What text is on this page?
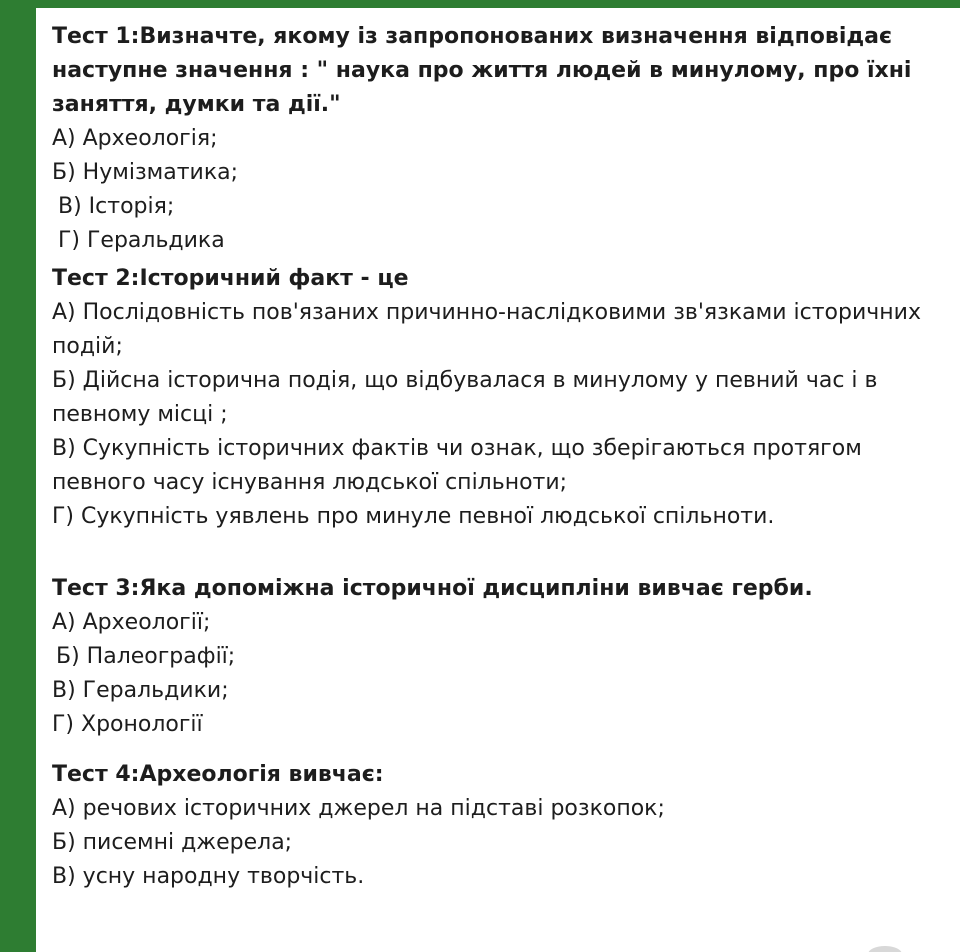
Тест 1:Визначте, якому із запропонованих визначення відповідає наступне значення : " наука про життя людей в минулому, про їхні заняття, думки та дії."

А) Археологія;

Б) Нумізматика;

В) Історія;

Г) Геральдика

Тест 2:Історичний факт - це

А) Послідовність пов'язаних причинно-наслідковими зв'язками історичних подій;

Б) Дійсна історична подія, що відбувалася в минулому у певний час і в певному місці ;

В) Сукупність історичних фактів чи ознак, що зберігаються протягом певного часу існування людської спільноти;

Г) Сукупність уявлень про минуле певної людської спільноти.

Тест 3:Яка допоміжна історичної дисципліни вивчає герби.

А) Археології;

Б) Палеографії;

В) Геральдики;

Г) Хронології

Тест 4:Археологія вивчає:

А) речових історичних джерел на підставі розкопок;

Б) писемні джерела;

В) усну народну творчість.
